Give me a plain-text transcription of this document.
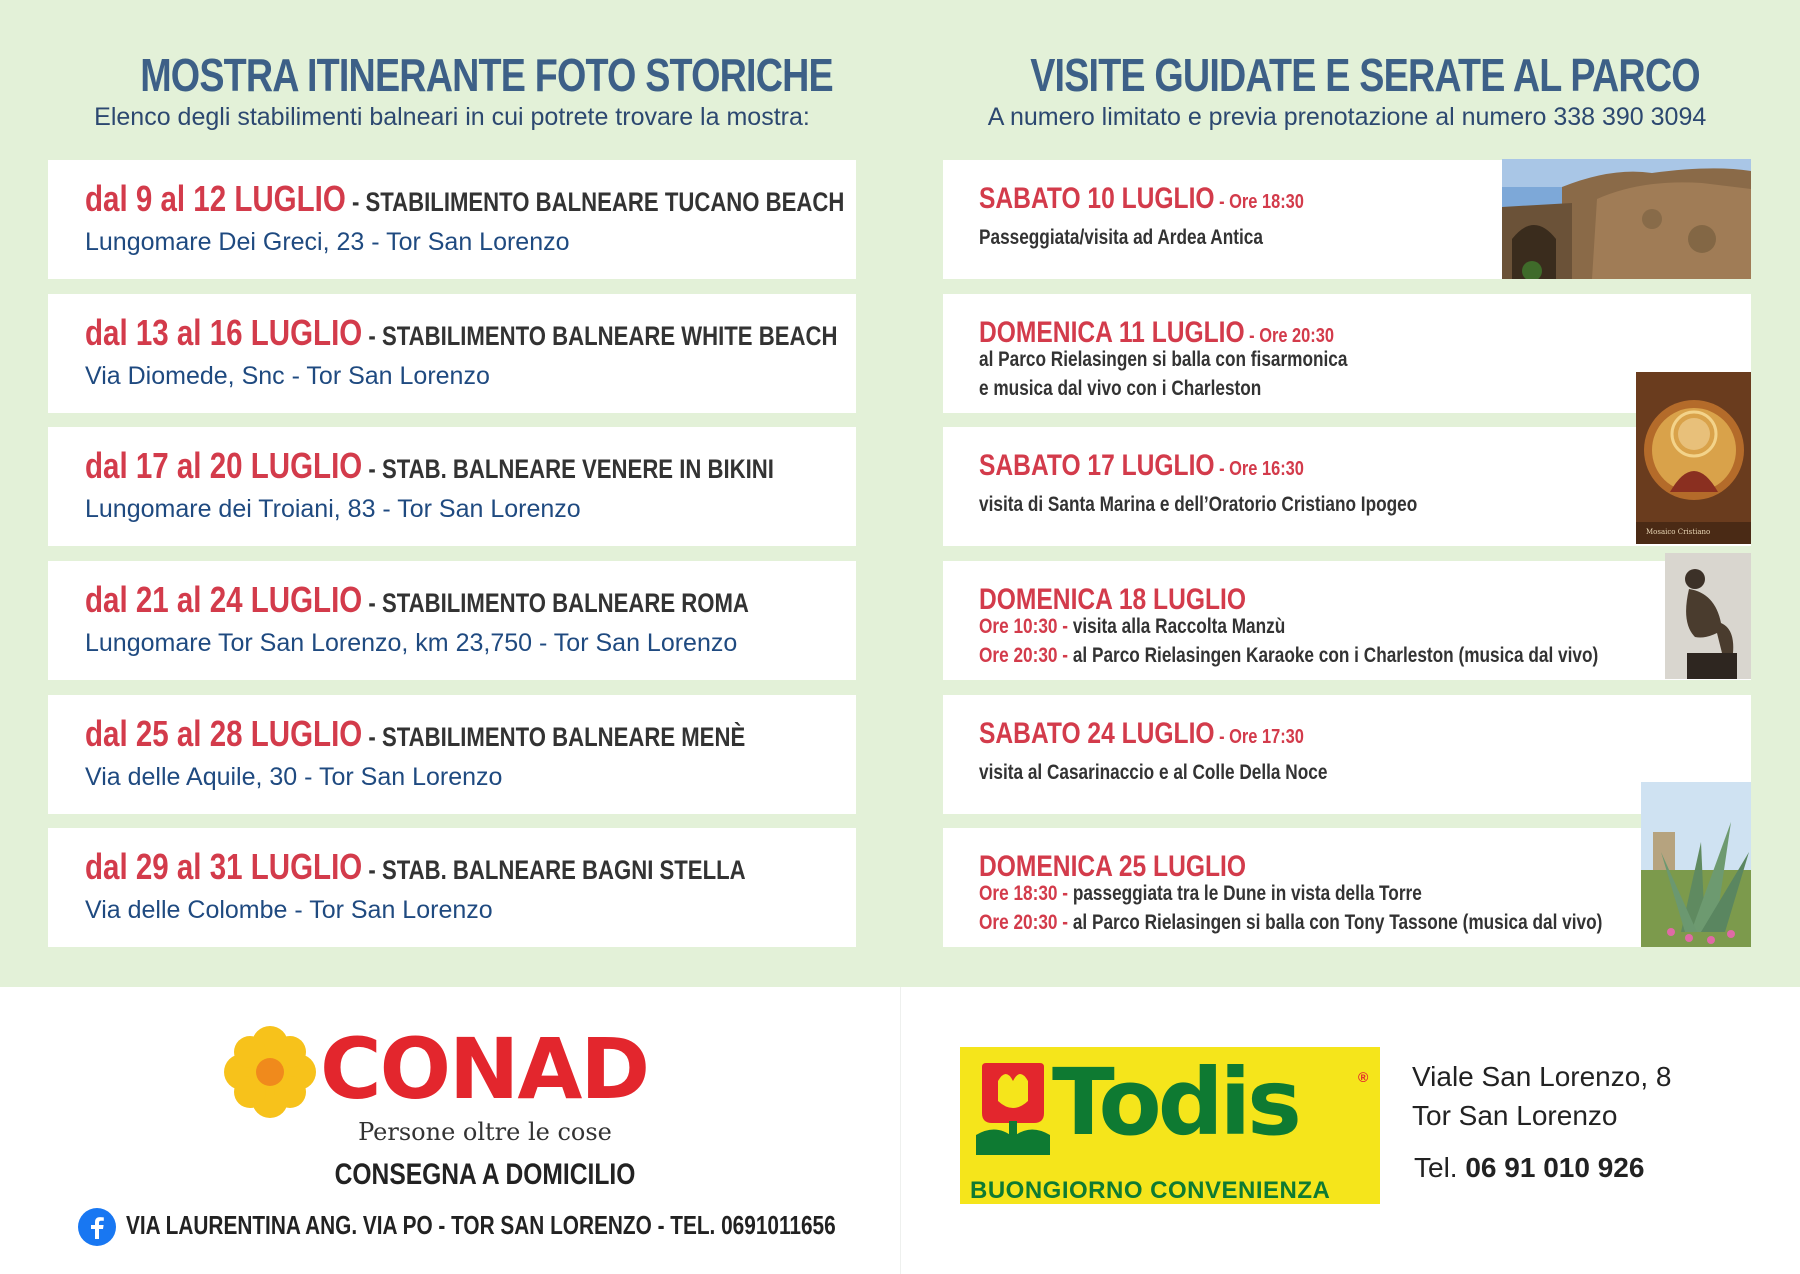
MOSTRA ITINERANTE FOTO STORICHE
Elenco degli stabilimenti balneari in cui potrete trovare la mostra:
VISITE GUIDATE E SERATE AL PARCO
A numero limitato e previa prenotazione al numero 338 390 3094
dal 9 al 12 LUGLIO - STABILIMENTO BALNEARE TUCANO BEACH
Lungomare Dei Greci, 23 - Tor San Lorenzo
dal 13 al 16 LUGLIO - STABILIMENTO BALNEARE WHITE BEACH
Via Diomede, Snc - Tor San Lorenzo
dal 17 al 20 LUGLIO - STAB. BALNEARE VENERE IN BIKINI
Lungomare dei Troiani, 83 - Tor San Lorenzo
dal 21 al 24 LUGLIO - STABILIMENTO BALNEARE ROMA
Lungomare Tor San Lorenzo, km 23,750 - Tor San Lorenzo
dal 25 al 28 LUGLIO - STABILIMENTO BALNEARE MENÈ
Via delle Aquile, 30 - Tor San Lorenzo
dal 29 al 31 LUGLIO - STAB. BALNEARE BAGNI STELLA
Via delle Colombe - Tor San Lorenzo
SABATO 10 LUGLIO - Ore 18:30
Passeggiata/visita ad Ardea Antica
DOMENICA 11 LUGLIO - Ore 20:30
al Parco Rielasingen si balla con fisarmonica
e musica dal vivo con i Charleston
SABATO 17 LUGLIO - Ore 16:30
visita di Santa Marina e dell’Oratorio Cristiano Ipogeo
DOMENICA 18 LUGLIO
Ore 10:30 - visita alla Raccolta Manzù
Ore 20:30 - al Parco Rielasingen Karaoke con i Charleston (musica dal vivo)
SABATO 24 LUGLIO - Ore 17:30
visita al Casarinaccio e al Colle Della Noce
DOMENICA 25 LUGLIO
Ore 18:30 - passeggiata tra le Dune in vista della Torre
Ore 20:30 - al Parco Rielasingen si balla con Tony Tassone (musica dal vivo)
Mosaico Cristiano
CONAD
Persone oltre le cose
CONSEGNA A DOMICILIO
VIA LAURENTINA ANG. VIA PO - TOR SAN LORENZO - TEL. 0691011656
Todis	®
BUONGIORNO CONVENIENZA
Viale San Lorenzo, 8
Tor San Lorenzo
Tel. 06 91 010 926
